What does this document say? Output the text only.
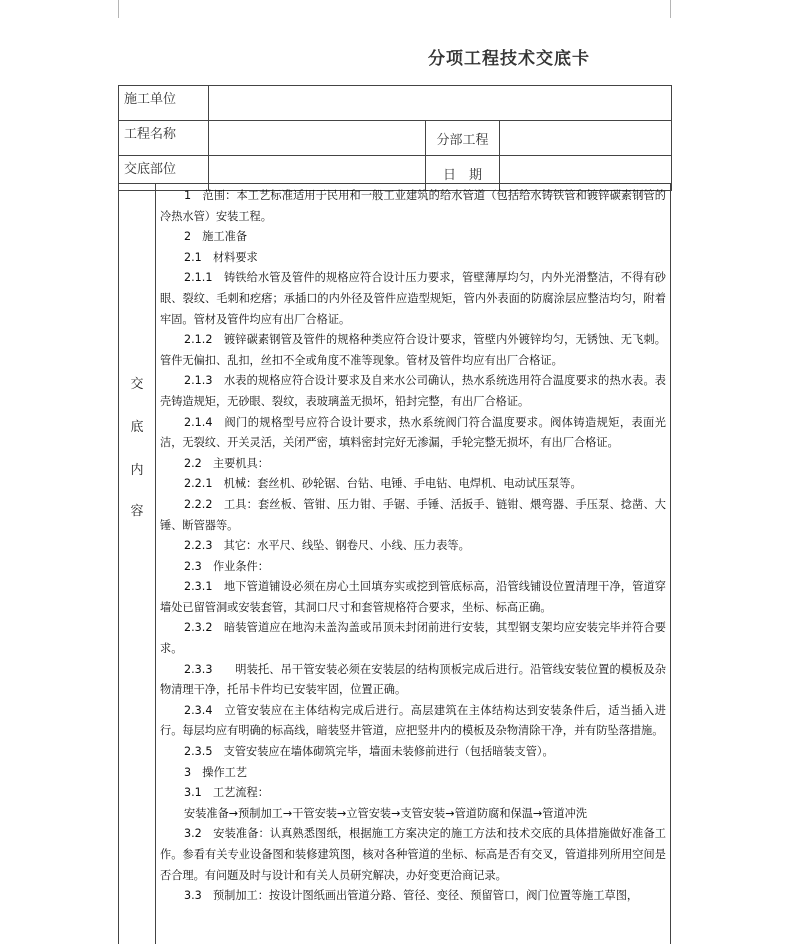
分项工程技术交底卡
施工单位			
工程名称		分部工程	
交底部位		日　期	
交
底
内
容

1　范围：本工艺标准适用于民用和一般工业建筑的给水管道（包括给水铸铁管和镀锌碳素钢管的冷热水管）安装工程。

2　施工准备

2.1　材料要求

2.1.1　铸铁给水管及管件的规格应符合设计压力要求，管壁薄厚均匀，内外光滑整洁，不得有砂眼、裂纹、毛刺和疙瘩；承插口的内外径及管件应造型规矩，管内外表面的防腐涂层应整洁均匀，附着牢固。管材及管件均应有出厂合格证。

2.1.2　镀锌碳素钢管及管件的规格种类应符合设计要求，管壁内外镀锌均匀，无锈蚀、无飞刺。管件无偏扣、乱扣，丝扣不全或角度不准等现象。管材及管件均应有出厂合格证。

2.1.3　水表的规格应符合设计要求及自来水公司确认，热水系统选用符合温度要求的热水表。表壳铸造规矩，无砂眼、裂纹，表玻璃盖无损坏，铅封完整，有出厂合格证。

2.1.4　阀门的规格型号应符合设计要求，热水系统阀门符合温度要求。阀体铸造规矩，表面光洁，无裂纹、开关灵活，关闭严密，填料密封完好无渗漏，手轮完整无损坏，有出厂合格证。

2.2　主要机具：

2.2.1　机械：套丝机、砂轮锯、台钻、电锤、手电钻、电焊机、电动试压泵等。

2.2.2　工具：套丝板、管钳、压力钳、手锯、手锤、活扳手、链钳、煨弯器、手压泵、捻凿、大锤、断管器等。

2.2.3　其它：水平尺、线坠、钢卷尺、小线、压力表等。

2.3　作业条件：

2.3.1　地下管道铺设必须在房心土回填夯实或挖到管底标高，沿管线铺设位置清理干净，管道穿墙处已留管洞或安装套管，其洞口尺寸和套管规格符合要求，坐标、标高正确。

2.3.2　暗装管道应在地沟未盖沟盖或吊顶未封闭前进行安装，其型钢支架均应安装完毕并符合要求。

2.3.3　　明装托、吊干管安装必须在安装层的结构顶板完成后进行。沿管线安装位置的模板及杂物清理干净，托吊卡件均已安装牢固，位置正确。

2.3.4　立管安装应在主体结构完成后进行。高层建筑在主体结构达到安装条件后，适当插入进行。每层均应有明确的标高线，暗装竖井管道，应把竖井内的模板及杂物清除干净，并有防坠落措施。

2.3.5　支管安装应在墙体砌筑完毕，墙面未装修前进行（包括暗装支管）。

3　操作工艺

3.1　工艺流程：

安装准备→预制加工→干管安装→立管安装→支管安装→管道防腐和保温→管道冲洗

3.2　安装准备：认真熟悉图纸，根据施工方案决定的施工方法和技术交底的具体措施做好准备工作。参看有关专业设备图和装修建筑图，核对各种管道的坐标、标高是否有交叉，管道排列所用空间是否合理。有问题及时与设计和有关人员研究解决，办好变更洽商记录。

3.3　预制加工：按设计图纸画出管道分路、管径、变径、预留管口，阀门位置等施工草图，
